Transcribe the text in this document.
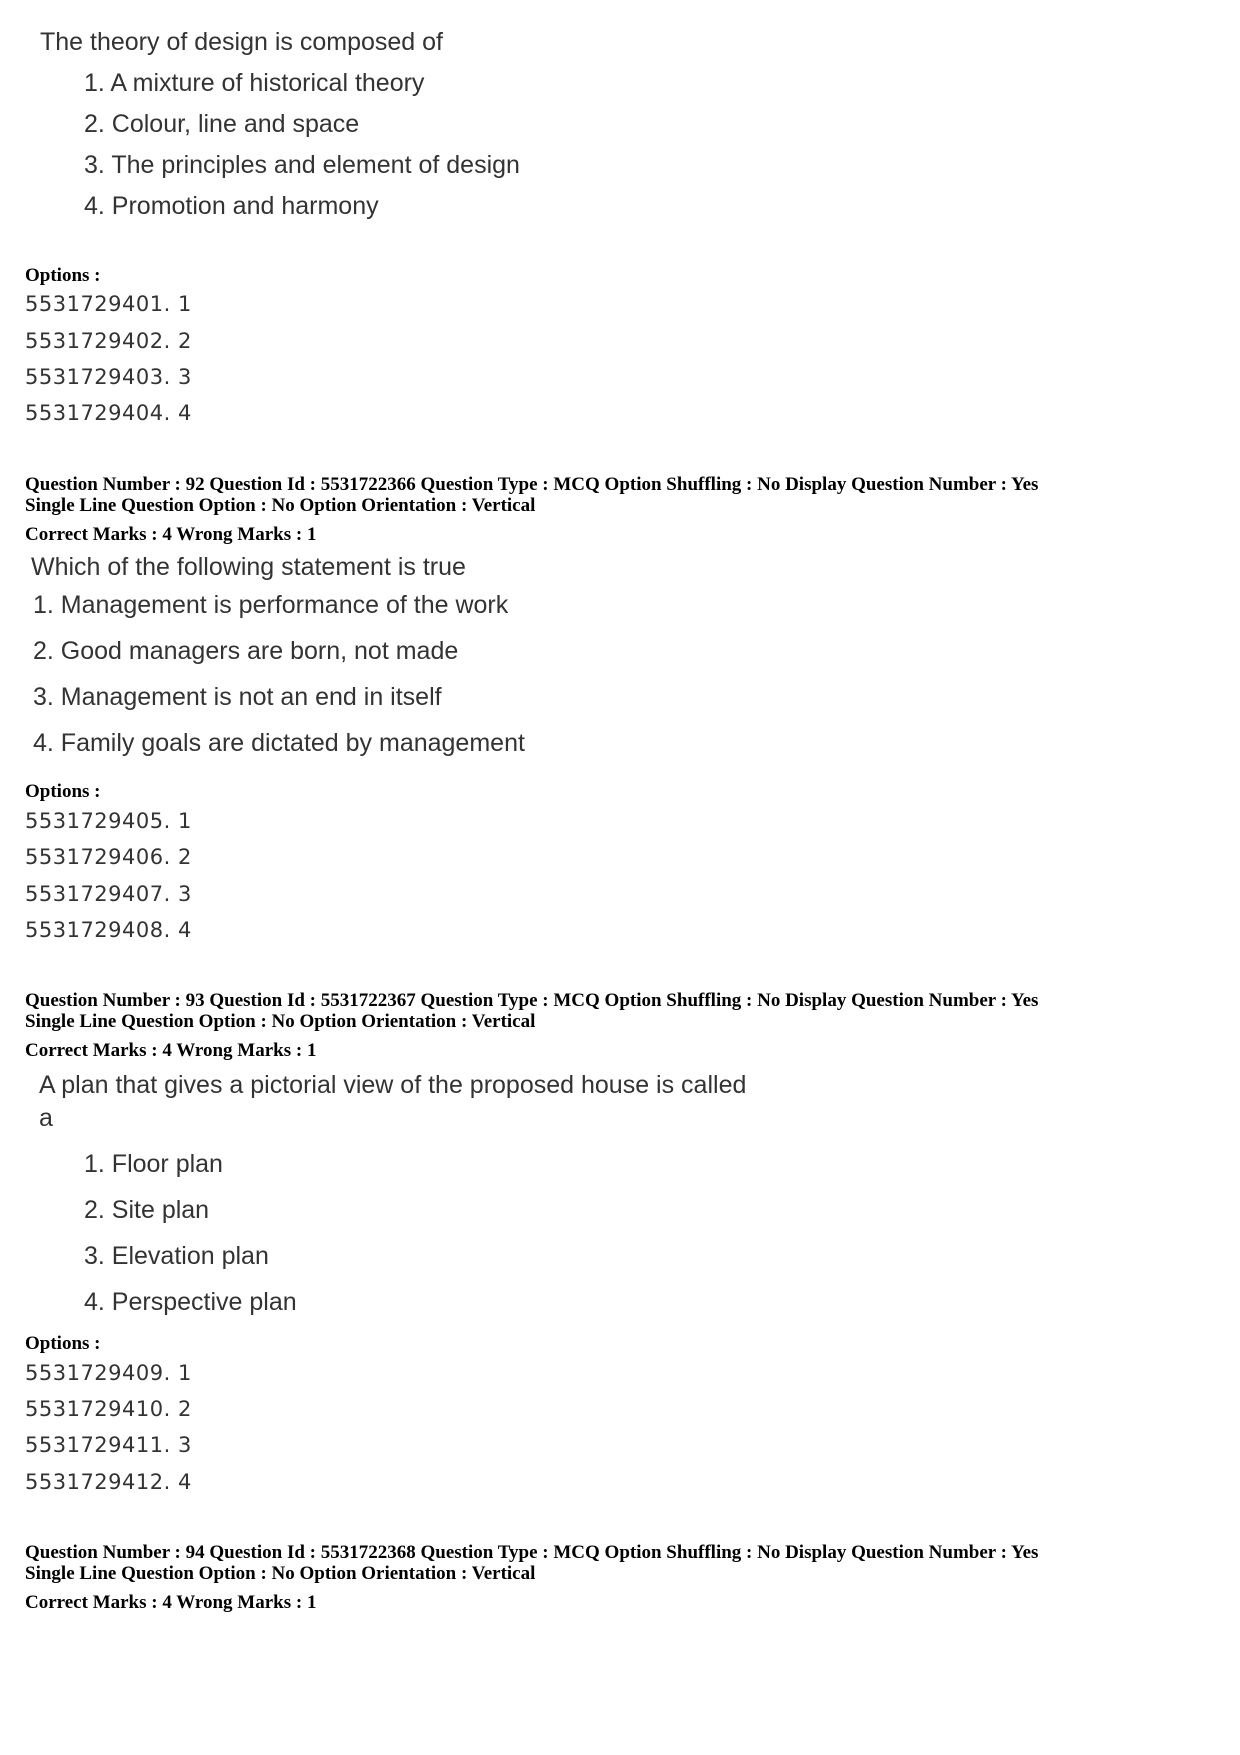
The theory of design is composed of
1. A mixture of historical theory
2. Colour, line and space
3. The principles and element of design
4. Promotion and harmony
Options :
5531729401. 1
5531729402. 2
5531729403. 3
5531729404. 4
Question Number : 92 Question Id : 5531722366 Question Type : MCQ Option Shuffling : No Display Question Number : Yes
Single Line Question Option : No Option Orientation : Vertical
Correct Marks : 4 Wrong Marks : 1
Which of the following statement is true
1. Management is performance of the work
2. Good managers are born, not made
3. Management is not an end in itself
4. Family goals are dictated by management
Options :
5531729405. 1
5531729406. 2
5531729407. 3
5531729408. 4
Question Number : 93 Question Id : 5531722367 Question Type : MCQ Option Shuffling : No Display Question Number : Yes
Single Line Question Option : No Option Orientation : Vertical
Correct Marks : 4 Wrong Marks : 1
A plan that gives a pictorial view of the proposed house is called
a
1. Floor plan
2. Site plan
3. Elevation plan
4. Perspective plan
Options :
5531729409. 1
5531729410. 2
5531729411. 3
5531729412. 4
Question Number : 94 Question Id : 5531722368 Question Type : MCQ Option Shuffling : No Display Question Number : Yes
Single Line Question Option : No Option Orientation : Vertical
Correct Marks : 4 Wrong Marks : 1
